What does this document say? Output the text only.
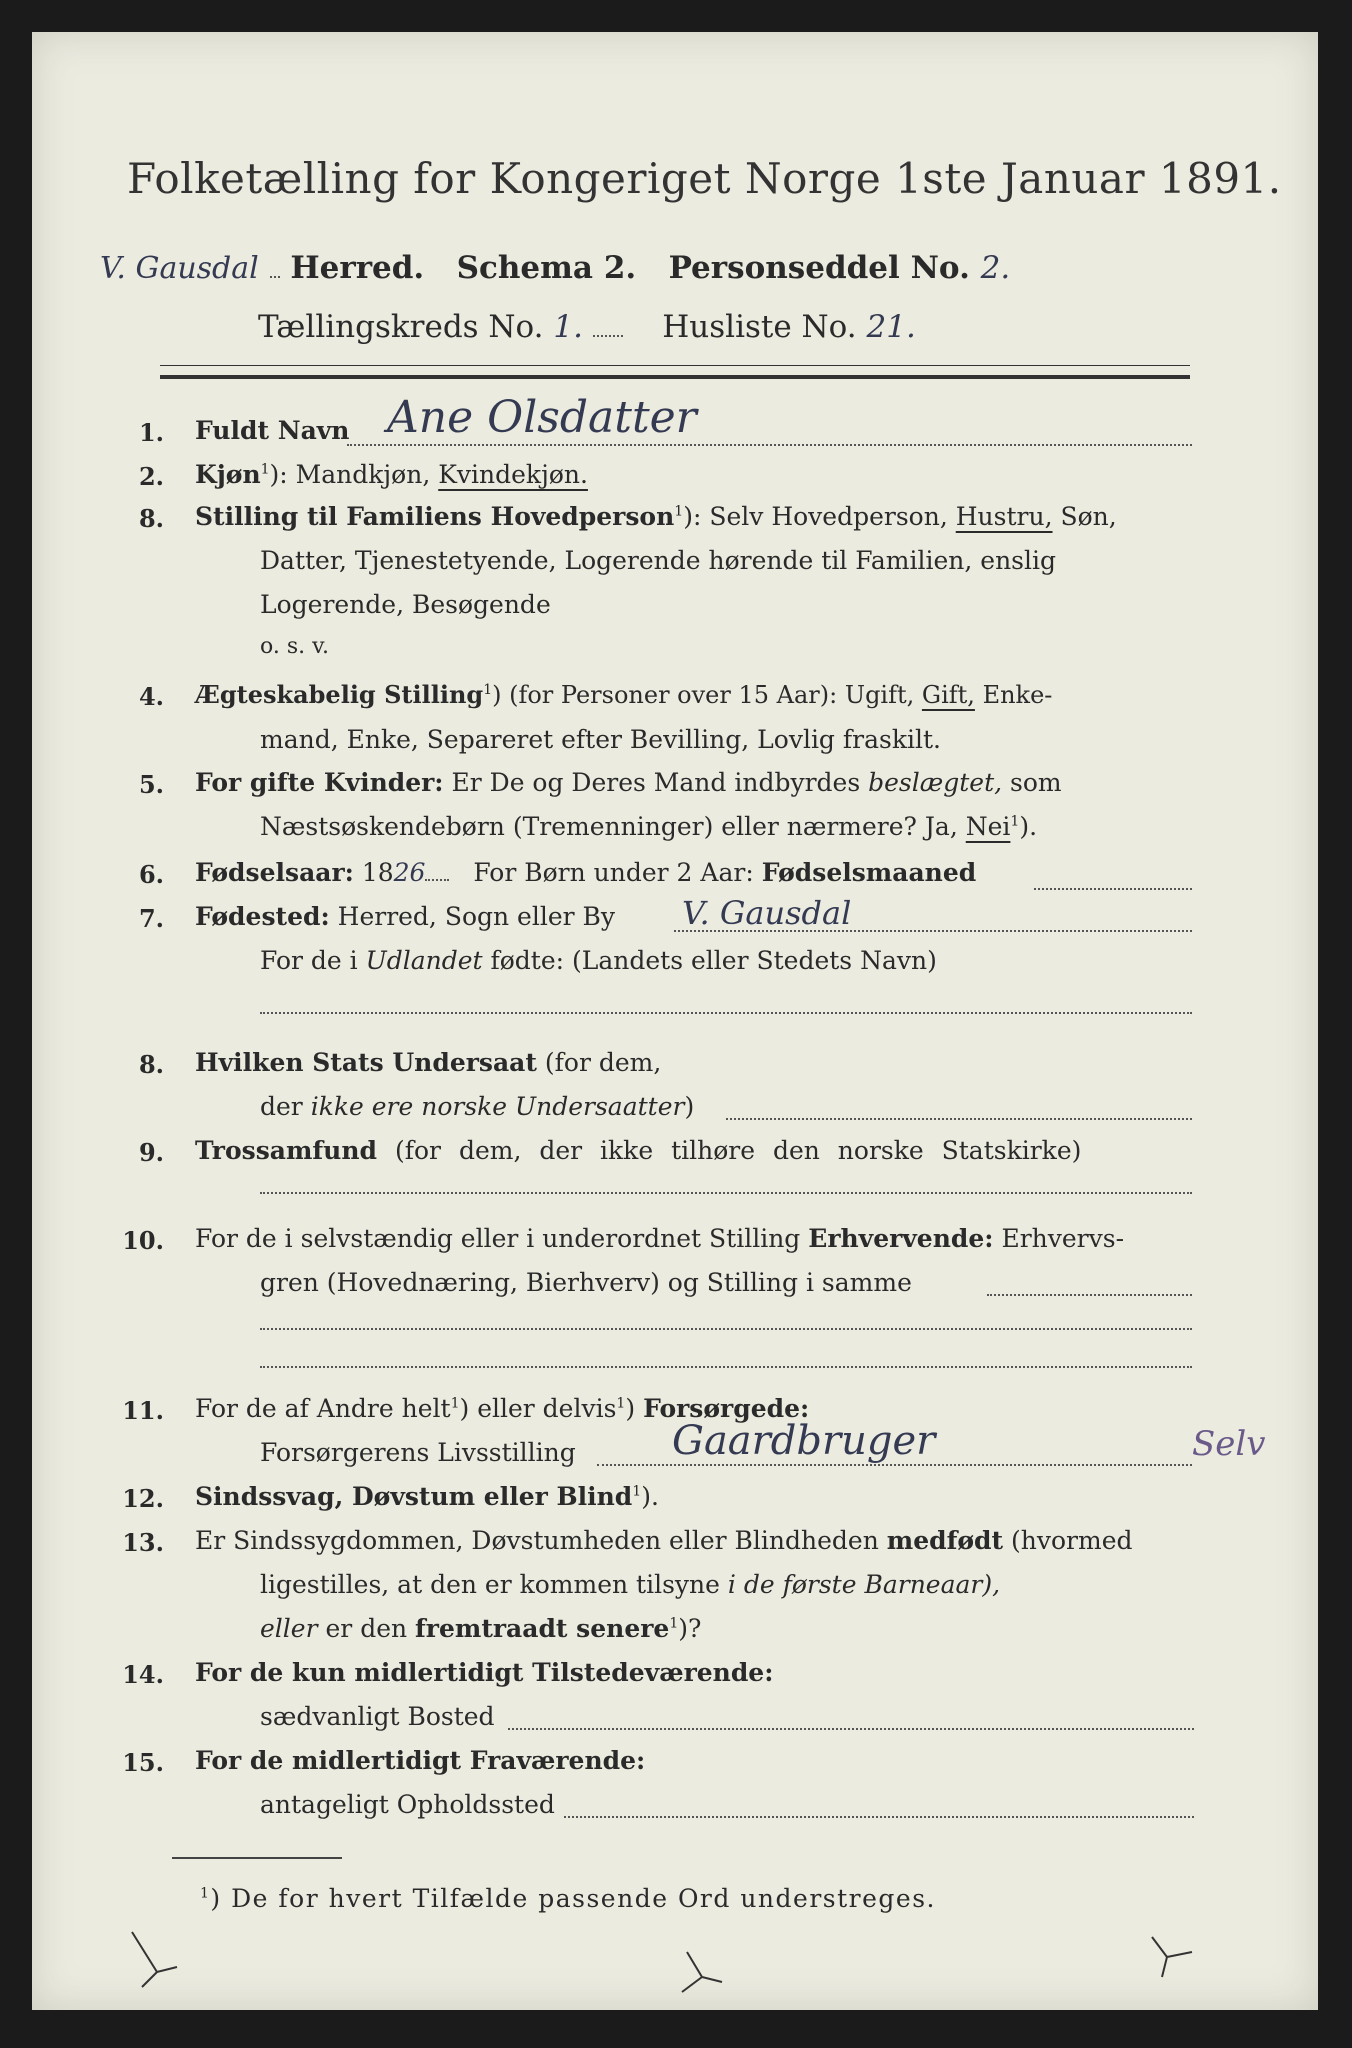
Folketælling for Kongeriget Norge 1ste Januar 1891.
V. Gausdal Herred. Schema 2. Personseddel No. 2.
Tællingskreds No. 1.	Husliste No. 21.
1. Fuldt Navn Ane Olsdatter
2. Kjøn$^1$): Mandkjøn, Kvindekjøn.
8. Stilling til Familiens Hovedperson$^1$): Selv Hovedperson, Hustru, Søn,
Datter, Tjenestetyende, Logerende hørende til Familien, enslig
Logerende, Besøgende
o. s. v.
4. Ægteskabelig Stilling$^1$) (for Personer over 15 Aar): Ugift, Gift, Enke-
mand, Enke, Separeret efter Bevilling, Lovlig fraskilt.
5. For gifte Kvinder: Er De og Deres Mand indbyrdes beslægtet, som
Næstsøskendebørn (Tremenninger) eller nærmere? Ja, Nei$^1$).
6. Fødselsaar: 1826 For Børn under 2 Aar: Fødselsmaaned
7. Fødested: Herred, Sogn eller By V. Gausdal
For de i Udlandet fødte: (Landets eller Stedets Navn)
8. Hvilken Stats Undersaat (for dem,
der ikke ere norske Undersaatter)
9. Trossamfund (for dem, der ikke tilhøre den norske Statskirke)
10. For de i selvstændig eller i underordnet Stilling Erhvervende: Erhvervs-
gren (Hovednæring, Bierhverv) og Stilling i samme
11. For de af Andre helt$^1$) eller delvis$^1$) Forsørgede:
Forsørgerens Livsstilling Gaardbruger	Selv
12. Sindssvag, Døvstum eller Blind$^1$).
13. Er Sindssygdommen, Døvstumheden eller Blindheden medfødt (hvormed
ligestilles, at den er kommen tilsyne i de første Barneaar),
eller er den fremtraadt senere$^1$)?
14. For de kun midlertidigt Tilstedeværende:
sædvanligt Bosted
15. For de midlertidigt Fraværende:
antageligt Opholdssted
$^1$) De for hvert Tilfælde passende Ord understreges.
